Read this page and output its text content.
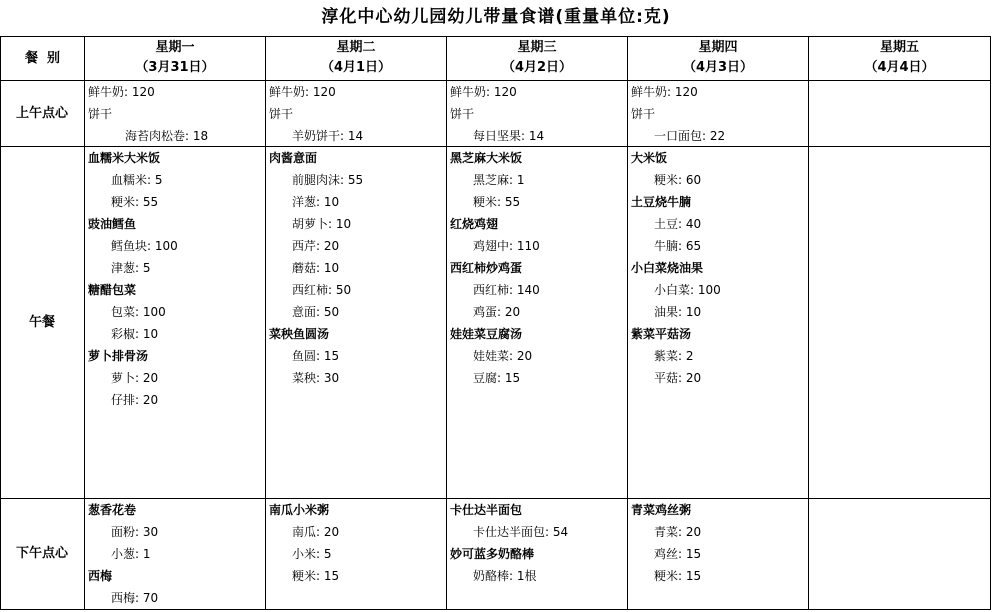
淳化中心幼儿园幼儿带量食谱(重量单位:克)
餐  别
星期一
（3月31日）
星期二
（4月1日）
星期三
（4月2日）
星期四
（4月3日）
星期五
（4月4日）
上午点心
午餐
下午点心
鲜牛奶: 120
饼干
海苔肉松卷: 18
鲜牛奶: 120
饼干
羊奶饼干: 14
鲜牛奶: 120
饼干
每日坚果: 14
鲜牛奶: 120
饼干
一口面包: 22
血糯米大米饭
血糯米: 5
粳米: 55
豉油鳕鱼
鳕鱼块: 100
津葱: 5
糖醋包菜
包菜: 100
彩椒: 10
萝卜排骨汤
萝卜: 20
仔排: 20
肉酱意面
前腿肉沫: 55
洋葱: 10
胡萝卜: 10
西芹: 20
蘑菇: 10
西红柿: 50
意面: 50
菜秧鱼圆汤
鱼圆: 15
菜秧: 30
黑芝麻大米饭
黑芝麻: 1
粳米: 55
红烧鸡翅
鸡翅中: 110
西红柿炒鸡蛋
西红柿: 140
鸡蛋: 20
娃娃菜豆腐汤
娃娃菜: 20
豆腐: 15
大米饭
粳米: 60
土豆烧牛腩
土豆: 40
牛腩: 65
小白菜烧油果
小白菜: 100
油果: 10
紫菜平菇汤
紫菜: 2
平菇: 20
葱香花卷
面粉: 30
小葱: 1
西梅
西梅: 70
南瓜小米粥
南瓜: 20
小米: 5
粳米: 15
卡仕达半面包
卡仕达半面包: 54
妙可蓝多奶酪棒
奶酪棒: 1根
青菜鸡丝粥
青菜: 20
鸡丝: 15
粳米: 15
